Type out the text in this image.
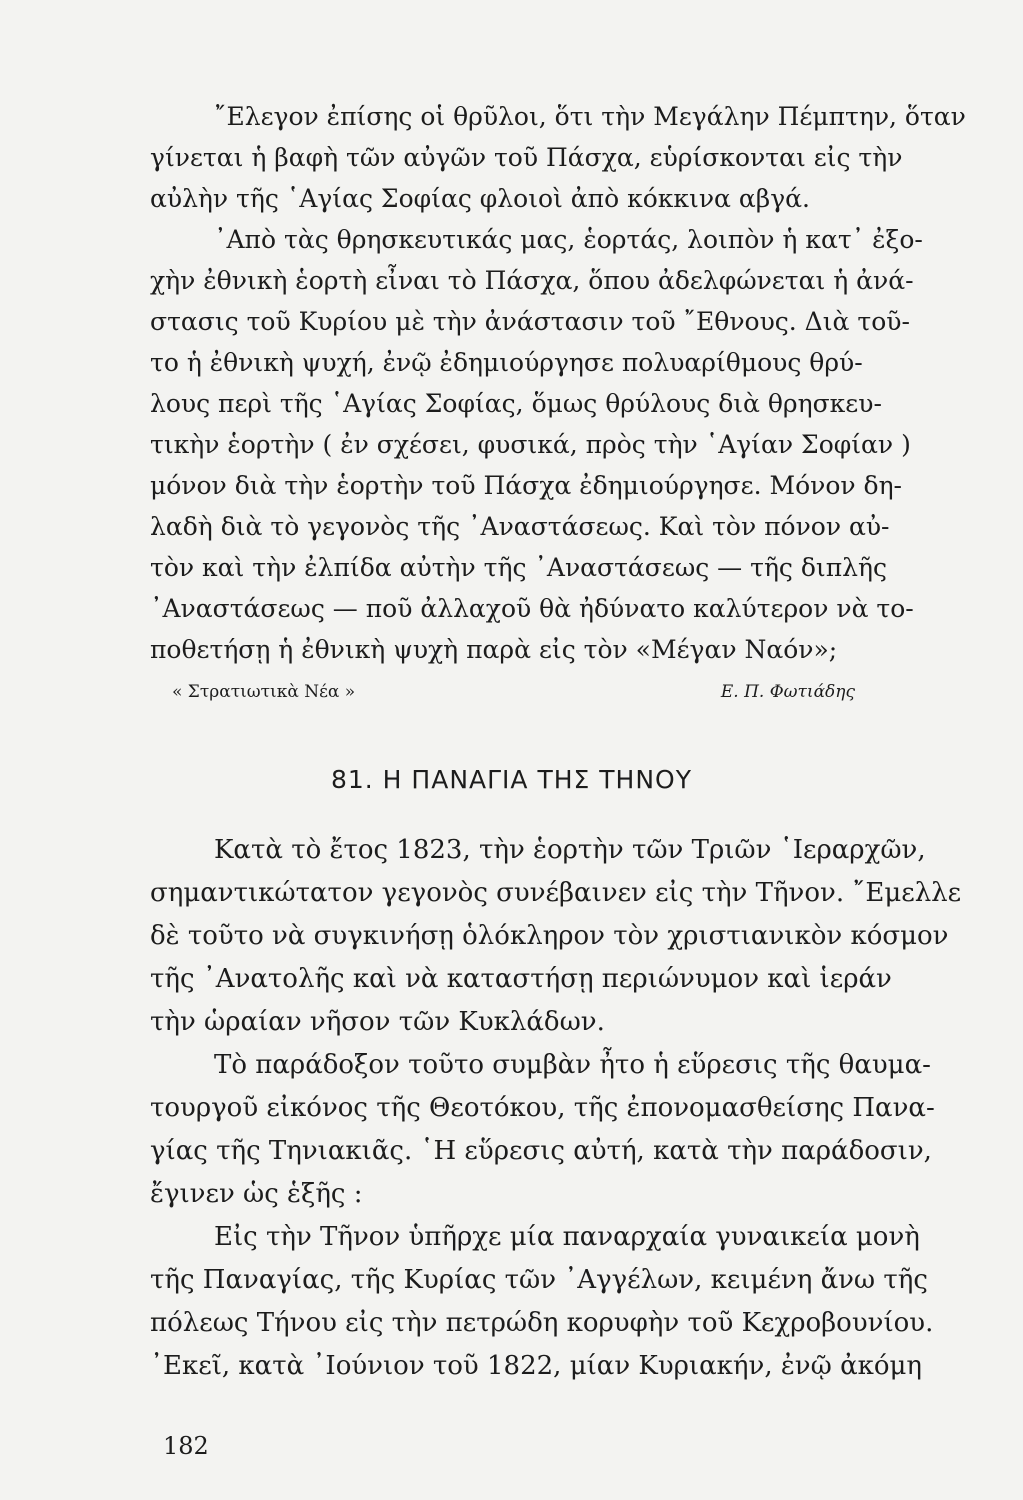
῎Ελεγον ἐπίσης οἱ θρῦλοι, ὅτι τὴν Μεγάλην Πέμπτην, ὅταν
γίνεται ἡ βαφὴ τῶν αὐγῶν τοῦ Πάσχα, εὑρίσκονται εἰς τὴν
αὐλὴν τῆς ῾Αγίας Σοφίας φλοιοὶ ἀπὸ κόκκινα αβγά.
᾿Απὸ τὰς θρησκευτικάς μας, ἑορτάς, λοιπὸν ἡ κατ᾿ ἐξο-
χὴν ἐθνικὴ ἑορτὴ εἶναι τὸ Πάσχα, ὅπου ἀδελφώνεται ἡ ἀνά-
στασις τοῦ Κυρίου μὲ τὴν ἀνάστασιν τοῦ ῎Εθνους. Διὰ τοῦ-
το ἡ ἐθνικὴ ψυχή, ἐνῷ ἐδημιούργησε πολυαρίθμους θρύ-
λους περὶ τῆς ῾Αγίας Σοφίας, ὅμως θρύλους διὰ θρησκευ-
τικὴν ἑορτὴν ( ἐν σχέσει, φυσικά, πρὸς τὴν ῾Αγίαν Σοφίαν )
μόνον διὰ τὴν ἑορτὴν τοῦ Πάσχα ἐδημιούργησε. Μόνον δη-
λαδὴ διὰ τὸ γεγονὸς τῆς ᾿Αναστάσεως. Καὶ τὸν πόνον αὐ-
τὸν καὶ τὴν ἐλπίδα αὐτὴν τῆς ᾿Αναστάσεως — τῆς διπλῆς
᾿Αναστάσεως — ποῦ ἀλλαχοῦ θὰ ἠδύνατο καλύτερον νὰ το-
ποθετήσῃ ἡ ἐθνικὴ ψυχὴ παρὰ εἰς τὸν «Μέγαν Ναόν»;
« Στρατιωτικὰ Νέα »	Ε. Π. Φωτιάδης
81. Η ΠΑΝΑΓΙΑ ΤΗΣ ΤΗΝΟΥ
Κατὰ τὸ ἔτος 1823, τὴν ἑορτὴν τῶν Τριῶν ῾Ιεραρχῶν,
σημαντικώτατον γεγονὸς συνέβαινεν εἰς τὴν Τῆνον. ῎Εμελλε
δὲ τοῦτο νὰ συγκινήσῃ ὁλόκληρον τὸν χριστιανικὸν κόσμον
τῆς ᾿Ανατολῆς καὶ νὰ καταστήσῃ περιώνυμον καὶ ἱεράν
τὴν ὡραίαν νῆσον τῶν Κυκλάδων.
Τὸ παράδοξον τοῦτο συμβὰν ἦτο ἡ εὕρεσις τῆς θαυμα-
τουργοῦ εἰκόνος τῆς Θεοτόκου, τῆς ἐπονομασθείσης Πανα-
γίας τῆς Τηνιακιᾶς. ῾Η εὕρεσις αὐτή, κατὰ τὴν παράδοσιν,
ἔγινεν ὡς ἑξῆς :
Εἰς τὴν Τῆνον ὑπῆρχε μία παναρχαία γυναικεία μονὴ
τῆς Παναγίας, τῆς Κυρίας τῶν ᾿Αγγέλων, κειμένη ἄνω τῆς
πόλεως Τήνου εἰς τὴν πετρώδη κορυφὴν τοῦ Κεχροβουνίου.
᾿Εκεῖ, κατὰ ᾿Ιούνιον τοῦ 1822, μίαν Κυριακήν, ἐνῷ ἀκόμη
182
